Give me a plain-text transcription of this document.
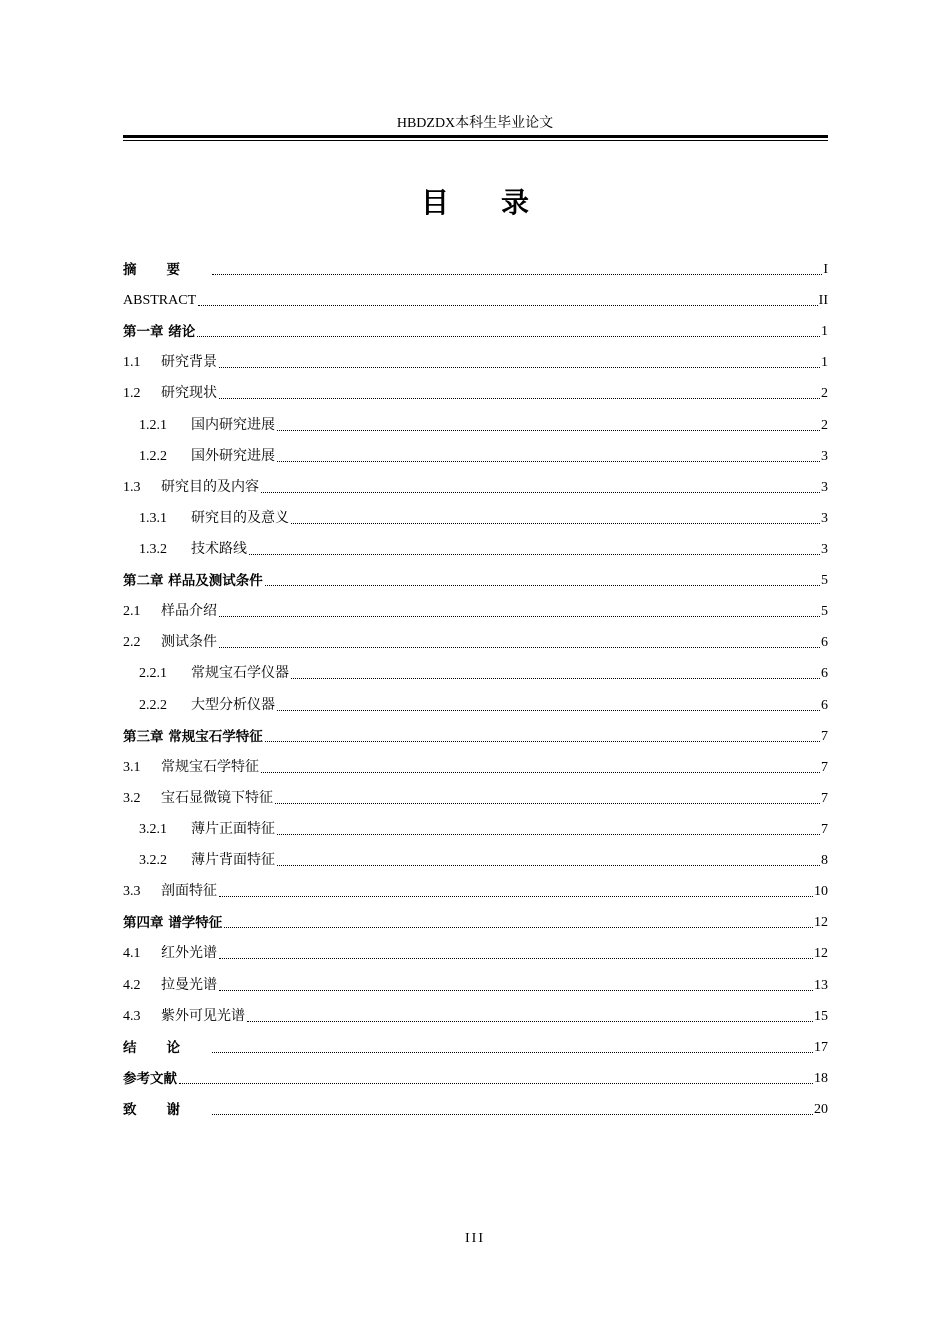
HBDZDX本科生毕业论文
目录
摘要	I
ABSTRACT	II
第一章 绪论	1
1.1	研究背景	1
1.2	研究现状	2
1.2.1	国内研究进展	2
1.2.2	国外研究进展	3
1.3	研究目的及内容	3
1.3.1	研究目的及意义	3
1.3.2	技术路线	3
第二章 样品及测试条件	5
2.1	样品介绍	5
2.2	测试条件	6
2.2.1	常规宝石学仪器	6
2.2.2	大型分析仪器	6
第三章 常规宝石学特征	7
3.1	常规宝石学特征	7
3.2	宝石显微镜下特征	7
3.2.1	薄片正面特征	7
3.2.2	薄片背面特征	8
3.3	剖面特征	10
第四章 谱学特征	12
4.1	红外光谱	12
4.2	拉曼光谱	13
4.3	紫外可见光谱	15
结论	17
参考文献	18
致谢	20
III
